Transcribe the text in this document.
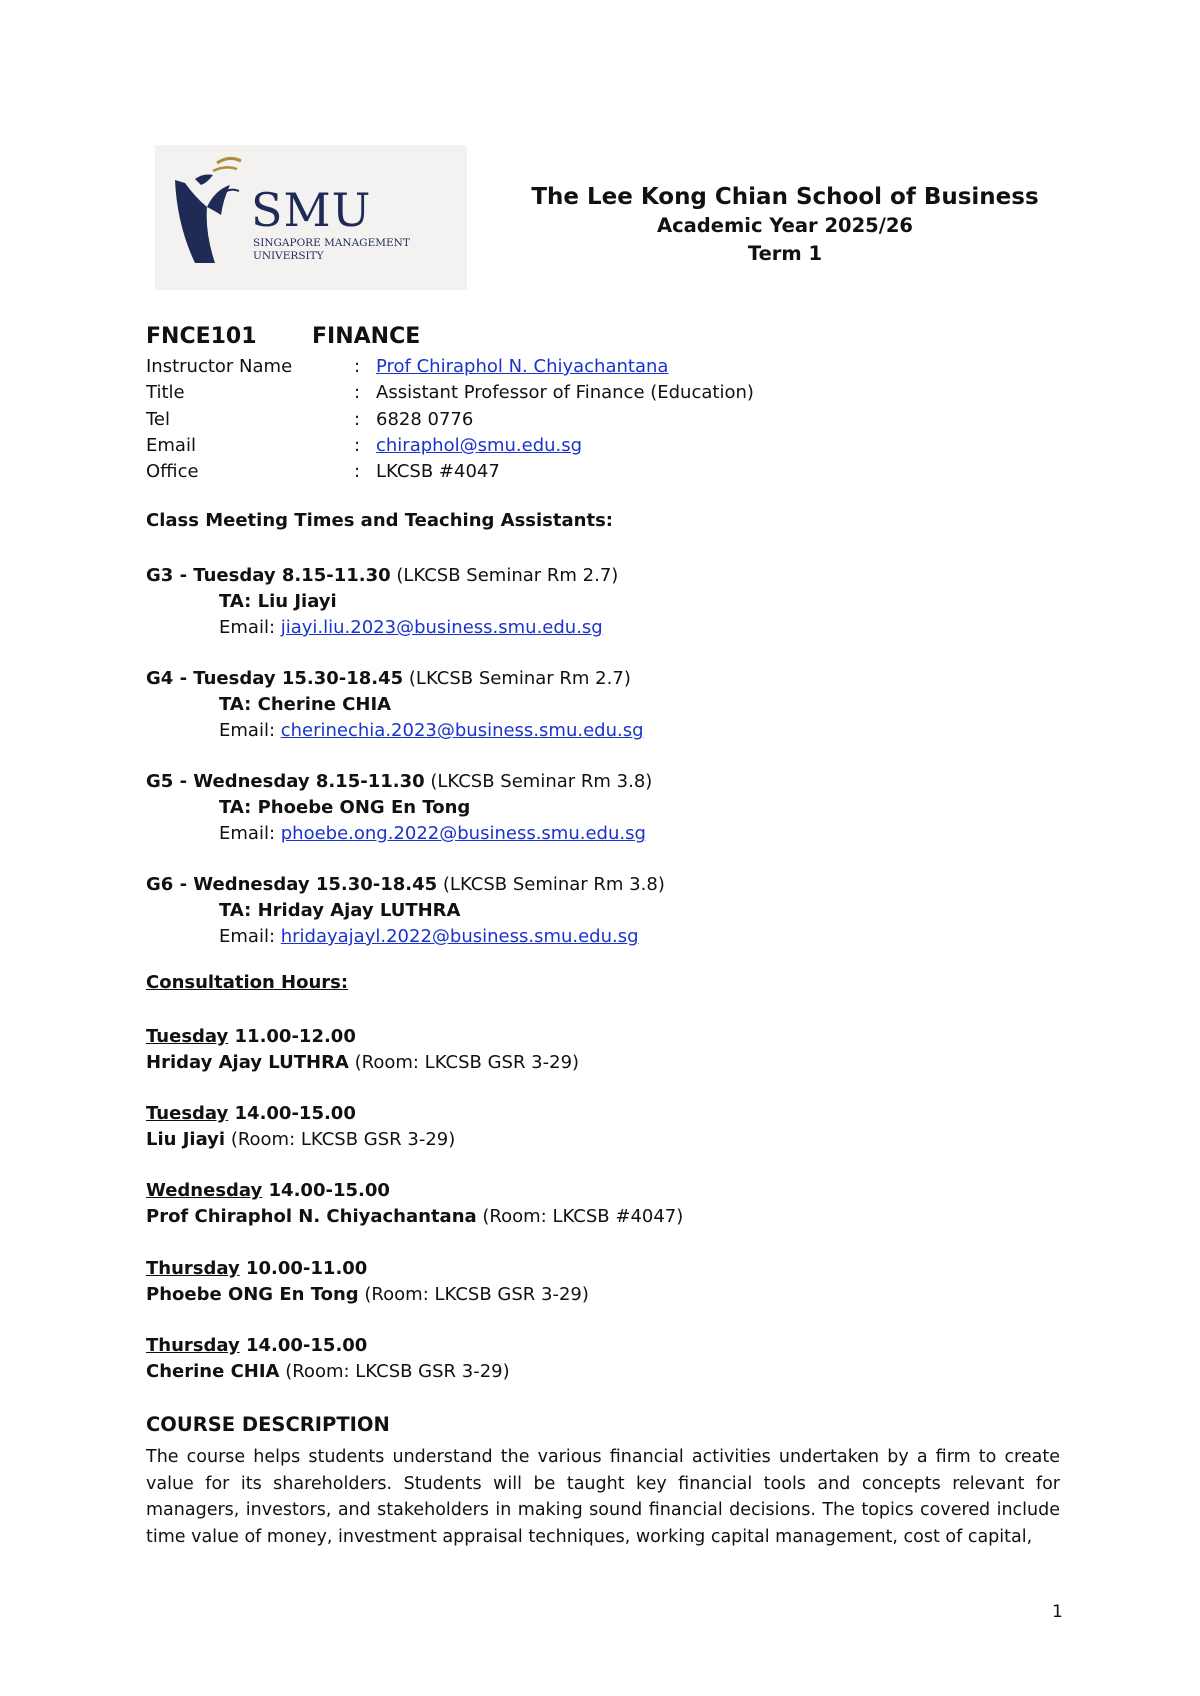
SMU
SINGAPORE MANAGEMENT
UNIVERSITY
The Lee Kong Chian School of Business
Academic Year 2025/26
Term 1
FNCE101	FINANCE
Instructor Name	: Prof Chiraphol N. Chiyachantana
Title	: Assistant Professor of Finance (Education)
Tel	: 6828 0776
Email	: chiraphol@smu.edu.sg
Office	: LKCSB #4047
Class Meeting Times and Teaching Assistants:
G3 - Tuesday 8.15-11.30 (LKCSB Seminar Rm 2.7)
TA: Liu Jiayi
Email: jiayi.liu.2023@business.smu.edu.sg
G4 - Tuesday 15.30-18.45 (LKCSB Seminar Rm 2.7)
TA: Cherine CHIA
Email: cherinechia.2023@business.smu.edu.sg
G5 - Wednesday 8.15-11.30 (LKCSB Seminar Rm 3.8)
TA: Phoebe ONG En Tong
Email: phoebe.ong.2022@business.smu.edu.sg
G6 - Wednesday 15.30-18.45 (LKCSB Seminar Rm 3.8)
TA: Hriday Ajay LUTHRA
Email: hridayajayl.2022@business.smu.edu.sg
Consultation Hours:
Tuesday 11.00-12.00
Hriday Ajay LUTHRA (Room: LKCSB GSR 3-29)
Tuesday 14.00-15.00
Liu Jiayi (Room: LKCSB GSR 3-29)
Wednesday 14.00-15.00
Prof Chiraphol N. Chiyachantana (Room: LKCSB #4047)
Thursday 10.00-11.00
Phoebe ONG En Tong (Room: LKCSB GSR 3-29)
Thursday 14.00-15.00
Cherine CHIA (Room: LKCSB GSR 3-29)
COURSE DESCRIPTION
The course helps students understand the various financial activities undertaken by a firm to create value for its shareholders. Students will be taught key financial tools and concepts relevant for managers, investors, and stakeholders in making sound financial decisions. The topics covered include time value of money, investment appraisal techniques, working capital management, cost of capital,
1
